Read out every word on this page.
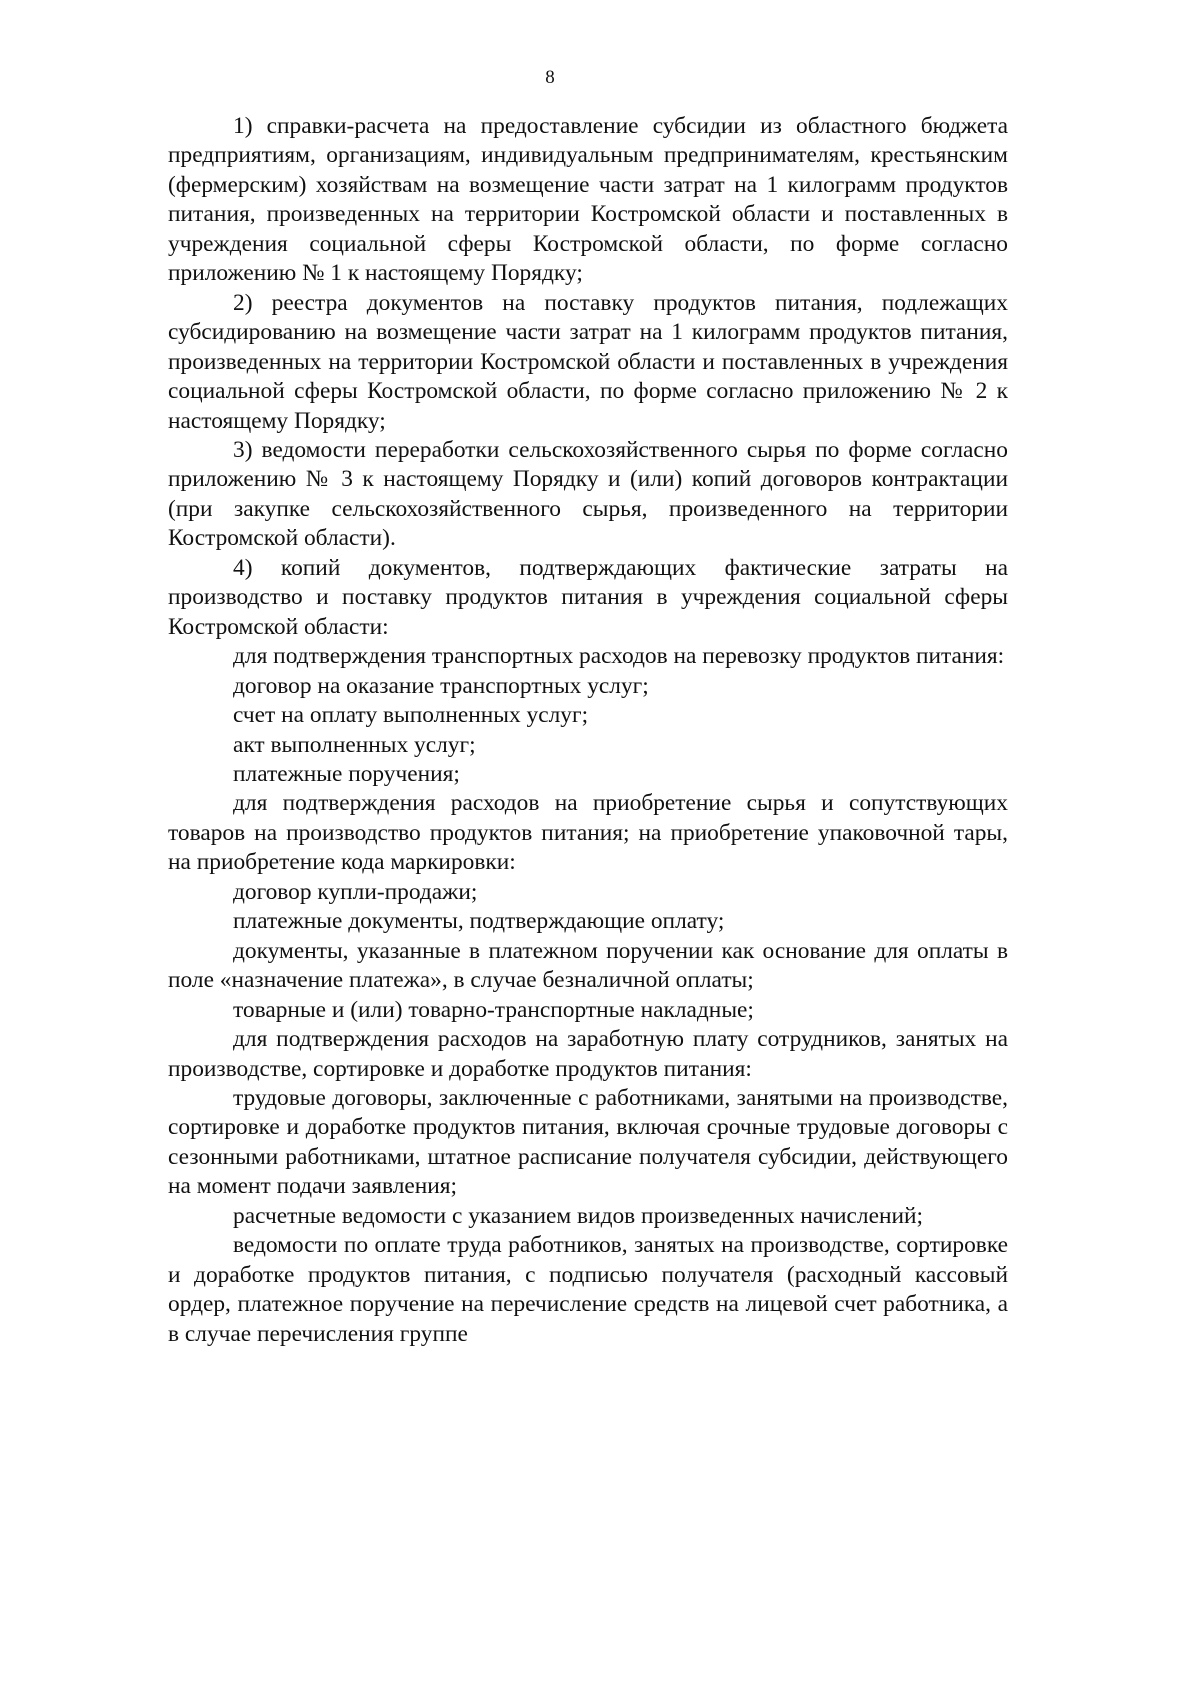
8

1) справки-расчета на предоставление субсидии из областного бюджета предприятиям, организациям, индивидуальным предпринимателям, крестьянским (фермерским) хозяйствам на возмещение части затрат на 1 килограмм продуктов питания, произведенных на территории Костромской области и поставленных в учреждения социальной сферы Костромской области, по форме согласно приложению № 1 к настоящему Порядку;

2) реестра документов на поставку продуктов питания, подлежащих субсидированию на возмещение части затрат на 1 килограмм продуктов питания, произведенных на территории Костромской области и поставленных в учреждения социальной сферы Костромской области, по форме согласно приложению № 2 к настоящему Порядку;

3) ведомости переработки сельскохозяйственного сырья по форме согласно приложению № 3 к настоящему Порядку и (или) копий договоров контрактации (при закупке сельскохозяйственного сырья, произведенного на территории Костромской области).

4) копий документов, подтверждающих фактические затраты на производство и поставку продуктов питания в учреждения социальной сферы Костромской области:

для подтверждения транспортных расходов на перевозку продуктов питания:

договор на оказание транспортных услуг;

счет на оплату выполненных услуг;

акт выполненных услуг;

платежные поручения;

для подтверждения расходов на приобретение сырья и сопутствующих товаров на производство продуктов питания; на приобретение упаковочной тары, на приобретение кода маркировки:

договор купли-продажи;

платежные документы, подтверждающие оплату;

документы, указанные в платежном поручении как основание для оплаты в поле «назначение платежа», в случае безналичной оплаты;

товарные и (или) товарно-транспортные накладные;

для подтверждения расходов на заработную плату сотрудников, занятых на производстве, сортировке и доработке продуктов питания:

трудовые договоры, заключенные с работниками, занятыми на производстве, сортировке и доработке продуктов питания, включая срочные трудовые договоры с сезонными работниками, штатное расписание получателя субсидии, действующего на момент подачи заявления;

расчетные ведомости с указанием видов произведенных начислений;

ведомости по оплате труда работников, занятых на производстве, сортировке и доработке продуктов питания, с подписью получателя (расходный кассовый ордер, платежное поручение на перечисление средств на лицевой счет работника, а в случае перечисления группе
